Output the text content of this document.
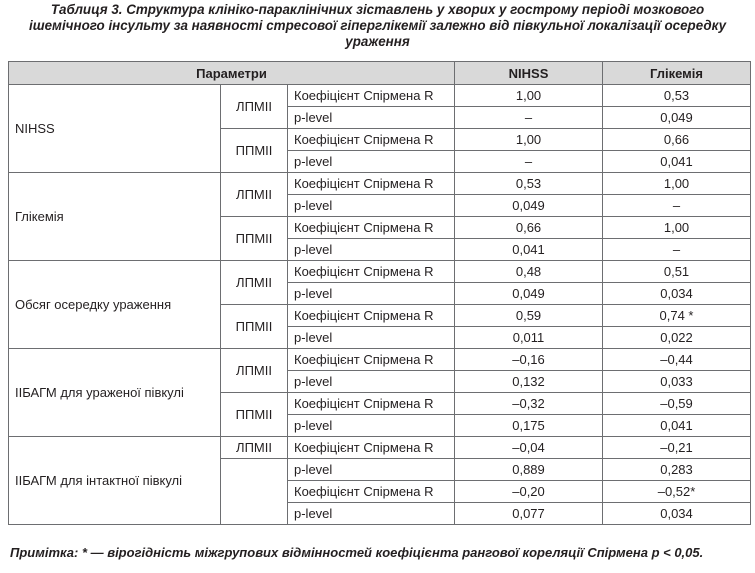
Таблиця 3. Структура клініко-параклінічних зіставлень у хворих у гострому періоді мозкового
ішемічного інсульту за наявності стресової гіперглікемії залежно від півкульної локалізації осередку
ураження
Параметри			NIHSS	Глікемія
NIHSS	ЛПМІІ	Коефіцієнт Спірмена R	1,00	0,53
		p-level	–	0,049
	ППМІІ	Коефіцієнт Спірмена R	1,00	0,66
		p-level	–	0,041
Глікемія	ЛПМІІ	Коефіцієнт Спірмена R	0,53	1,00
		p-level	0,049	–
	ППМІІ	Коефіцієнт Спірмена R	0,66	1,00
		p-level	0,041	–
Обсяг осередку ураження	ЛПМІІ	Коефіцієнт Спірмена R	0,48	0,51
		p-level	0,049	0,034
	ППМІІ	Коефіцієнт Спірмена R	0,59	0,74 *
		p-level	0,011	0,022
ІІБАГМ для ураженої півкулі	ЛПМІІ	Коефіцієнт Спірмена R	–0,16	–0,44
		p-level	0,132	0,033
	ППМІІ	Коефіцієнт Спірмена R	–0,32	–0,59
		p-level	0,175	0,041
ІІБАГМ для інтактної півкулі	ЛПМІІ	Коефіцієнт Спірмена R	–0,04	–0,21
		p-level	0,889	0,283
		Коефіцієнт Спірмена R	–0,20	–0,52*
		p-level	0,077	0,034
Примітка: * — вірогідність міжгрупових відмінностей коефіцієнта рангової кореляції Спірмена p < 0,05.
